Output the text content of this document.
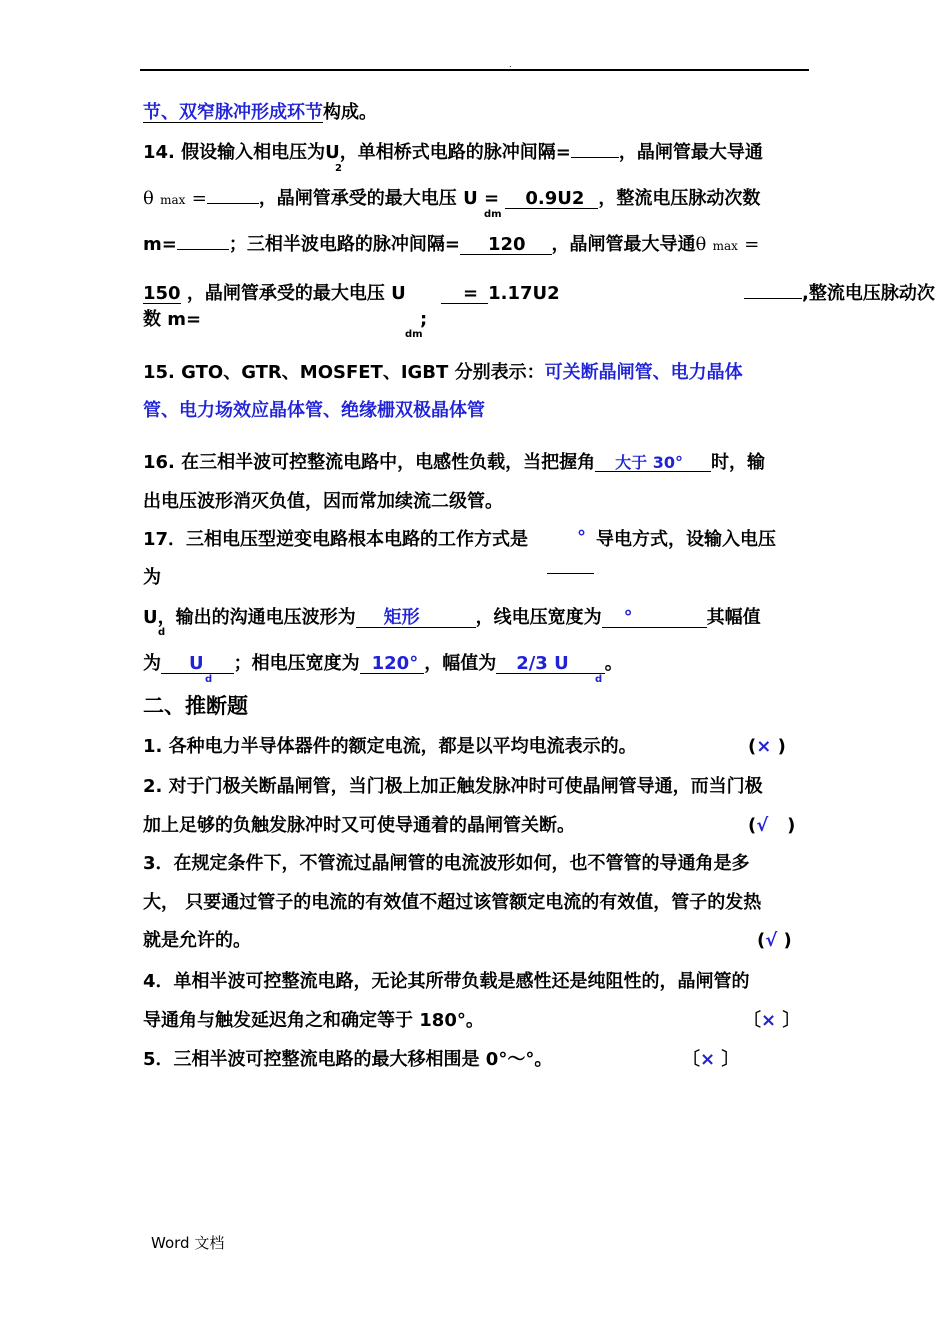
.
节、双窄脉冲形成环节构成。
14. 假设输入相电压为U，单相桥式电路的脉冲间隔=	，晶闸管最大导通
2
θ max =	，晶闸管承受的最大电压 U = 0.9U2 ，整流电压脉动次数
dm
m=	；三相半波电路的脉冲间隔= 120 ，晶闸管最大导通θ max =
150 ，晶闸管承受的最大电压 U	= 1.17U2	,整流电压脉动次
数 m=	;
dm
15. GTO、GTR、MOSFET、IGBT 分别表示：可关断晶闸管、电力晶体
管、电力场效应晶体管、绝缘栅双极晶体管
16. 在三相半波可控整流电路中，电感性负载，当把握角 大于 30° 时，输
出电压波形消灭负值，因而常加续流二级管。
17．三相电压型逆变电路根本电路的工作方式是	° 导电方式，设输入电压
为
U，输出的沟通电压波形为 矩形	，线电压宽度为 °	其幅值
d
为 U ；相电压宽度为 120° ，幅值为 2/3 U 。
d	d
二、推断题
1. 各种电力半导体器件的额定电流，都是以平均电流表示的。	(× )
2. 对于门极关断晶闸管，当门极上加正触发脉冲时可使晶闸管导通，而当门极
加上足够的负触发脉冲时又可使导通着的晶闸管关断。	(√ )
3．在规定条件下，不管流过晶闸管的电流波形如何，也不管管的导通角是多
大， 只要通过管子的电流的有效值不超过该管额定电流的有效值，管子的发热
就是允许的。	(√ )
4．单相半波可控整流电路，无论其所带负载是感性还是纯阻性的，晶闸管的
导通角与触发延迟角之和确定等于 180°。	〔× 〕
5．三相半波可控整流电路的最大移相围是 0°～°。	〔× 〕
Word 文档
